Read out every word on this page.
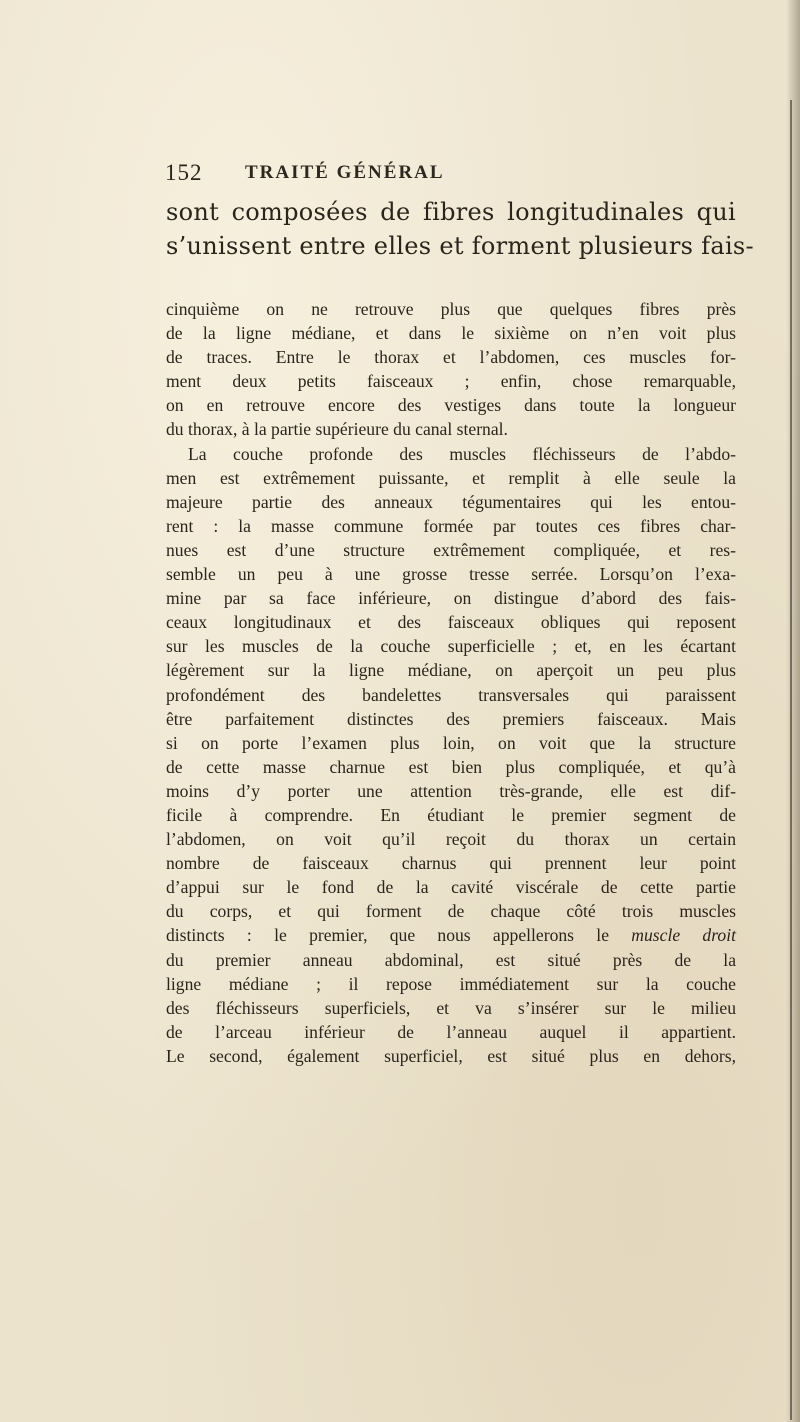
152 TRAITÉ GÉNÉRAL
sont composées de fibres longitudinales qui
s’unissent entre elles et forment plusieurs fais-
cinquième on ne retrouve plus que quelques fibres près
de la ligne médiane, et dans le sixième on n’en voit plus
de traces. Entre le thorax et l’abdomen, ces muscles for-
ment deux petits faisceaux ; enfin, chose remarquable,
on en retrouve encore des vestiges dans toute la longueur
du thorax, à la partie supérieure du canal sternal.
La couche profonde des muscles fléchisseurs de l’abdo-
men est extrêmement puissante, et remplit à elle seule la
majeure partie des anneaux tégumentaires qui les entou-
rent : la masse commune formée par toutes ces fibres char-
nues est d’une structure extrêmement compliquée, et res-
semble un peu à une grosse tresse serrée. Lorsqu’on l’exa-
mine par sa face inférieure, on distingue d’abord des fais-
ceaux longitudinaux et des faisceaux obliques qui reposent
sur les muscles de la couche superficielle ; et, en les écartant
légèrement sur la ligne médiane, on aperçoit un peu plus
profondément des bandelettes transversales qui paraissent
être parfaitement distinctes des premiers faisceaux. Mais
si on porte l’examen plus loin, on voit que la structure
de cette masse charnue est bien plus compliquée, et qu’à
moins d’y porter une attention très-grande, elle est dif-
ficile à comprendre. En étudiant le premier segment de
l’abdomen, on voit qu’il reçoit du thorax un certain
nombre de faisceaux charnus qui prennent leur point
d’appui sur le fond de la cavité viscérale de cette partie
du corps, et qui forment de chaque côté trois muscles
distincts : le premier, que nous appellerons le muscle droit
du premier anneau abdominal, est situé près de la
ligne médiane ; il repose immédiatement sur la couche
des fléchisseurs superficiels, et va s’insérer sur le milieu
de l’arceau inférieur de l’anneau auquel il appartient.
Le second, également superficiel, est situé plus en dehors,
